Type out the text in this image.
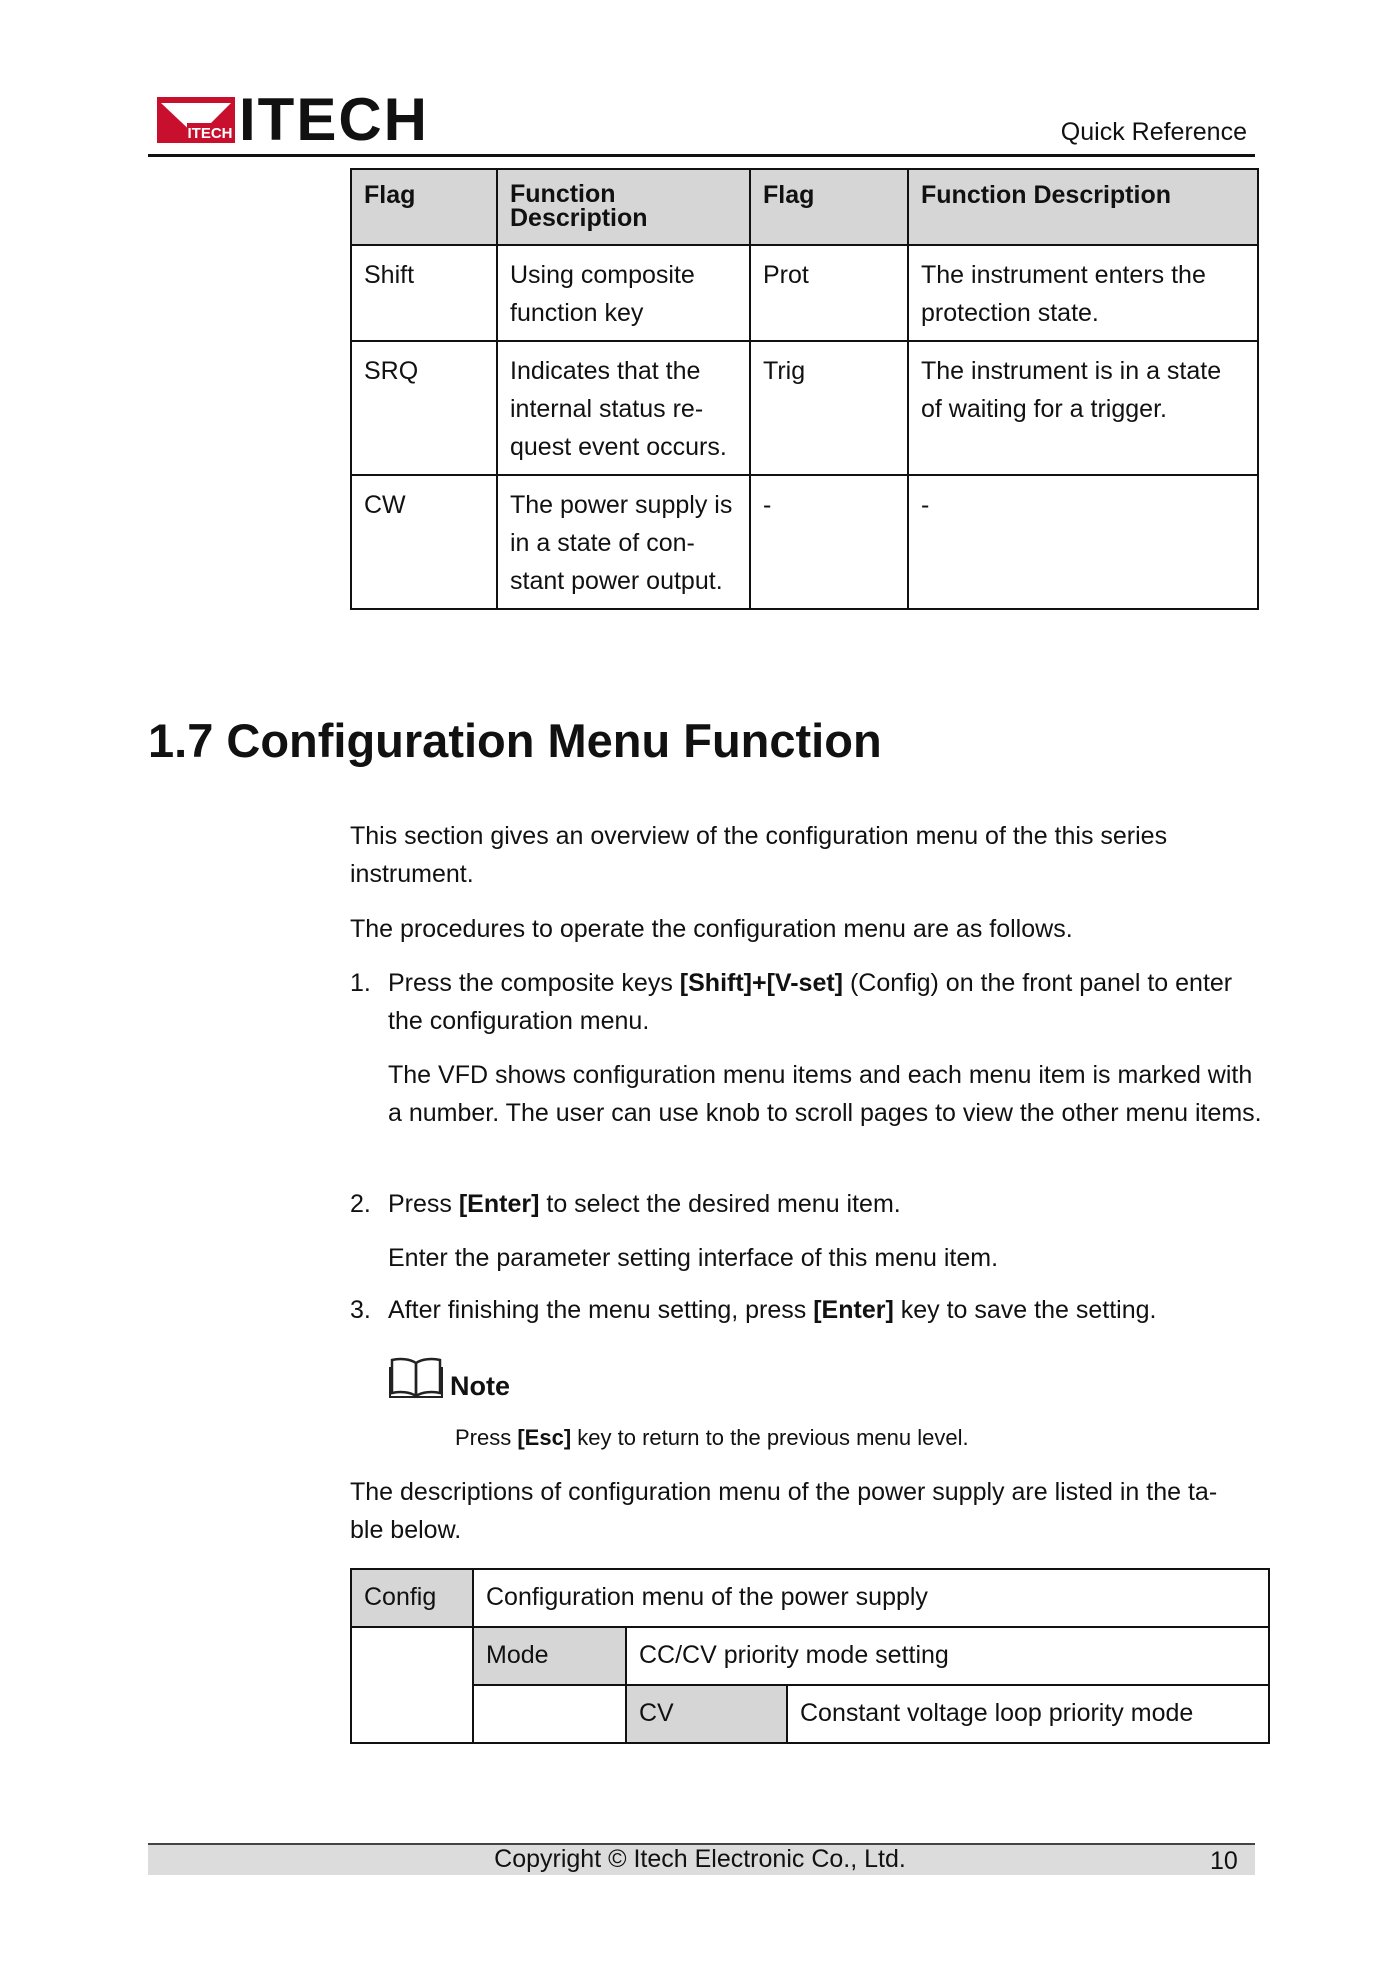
ITECH ITECH	Quick Reference
Flag	Function Description	Flag	Function Description
Shift	Using composite function key	Prot	The instrument enters the protection state.
SRQ	Indicates that the internal status re-quest event occurs.	Trig	The instrument is in a state of waiting for a trigger.
CW	The power supply is in a state of con-stant power output.	-	-
1.7 Configuration Menu Function

This section gives an overview of the configuration menu of the this series instrument.

The procedures to operate the configuration menu are as follows.

1. Press the composite keys [Shift]+[V-set] (Config) on the front panel to enter the configuration menu.

The VFD shows configuration menu items and each menu item is marked with a number. The user can use knob to scroll pages to view the other menu items.

2. Press [Enter] to select the desired menu item.

Enter the parameter setting interface of this menu item.

3. After finishing the menu setting, press [Enter] key to save the setting.

Note
Press [Esc] key to return to the previous menu level.

The descriptions of configuration menu of the power supply are listed in the ta-ble below.

Config	Configuration menu of the power supply		
	Mode	CC/CV priority mode setting	
		CV	Constant voltage loop priority mode
Copyright © Itech Electronic Co., Ltd.	10
